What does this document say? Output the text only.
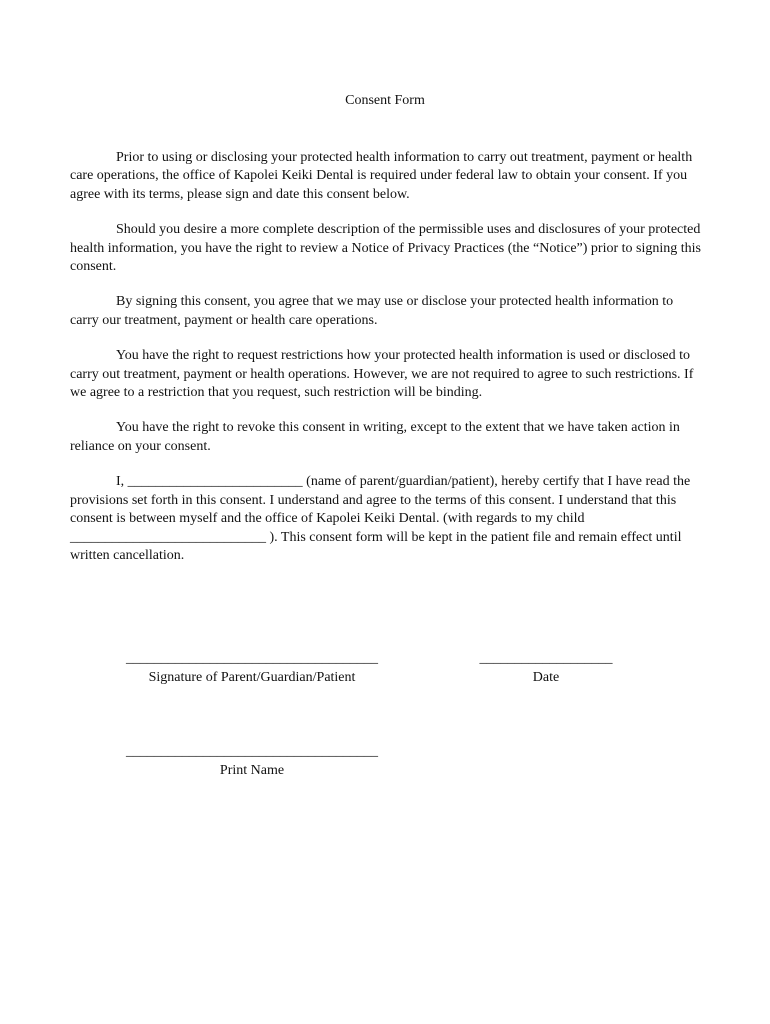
Consent Form

Prior to using or disclosing your protected health information to carry out treatment, payment or health care operations, the office of Kapolei Keiki Dental is required under federal law to obtain your consent. If you agree with its terms, please sign and date this consent below.

Should you desire a more complete description of the permissible uses and disclosures of your protected health information, you have the right to review a Notice of Privacy Practices (the “Notice”) prior to signing this consent.

By signing this consent, you agree that we may use or disclose your protected health information to carry our treatment, payment or health care operations.

You have the right to request restrictions how your protected health information is used or disclosed to carry out treatment, payment or health operations. However, we are not required to agree to such restrictions. If we agree to a restriction that you request, such restriction will be binding.

You have the right to revoke this consent in writing, except to the extent that we have taken action in reliance on your consent.

I, _________________________ (name of parent/guardian/patient), hereby certify that I have read the provisions set forth in this consent. I understand and agree to the terms of this consent. I understand that this consent is between myself and the office of Kapolei Keiki Dental. (with regards to my child ____________________________ ). This consent form will be kept in the patient file and remain effect until written cancellation.

____________________________________
Signature of Parent/Guardian/Patient
___________________
Date
____________________________________
Print Name
